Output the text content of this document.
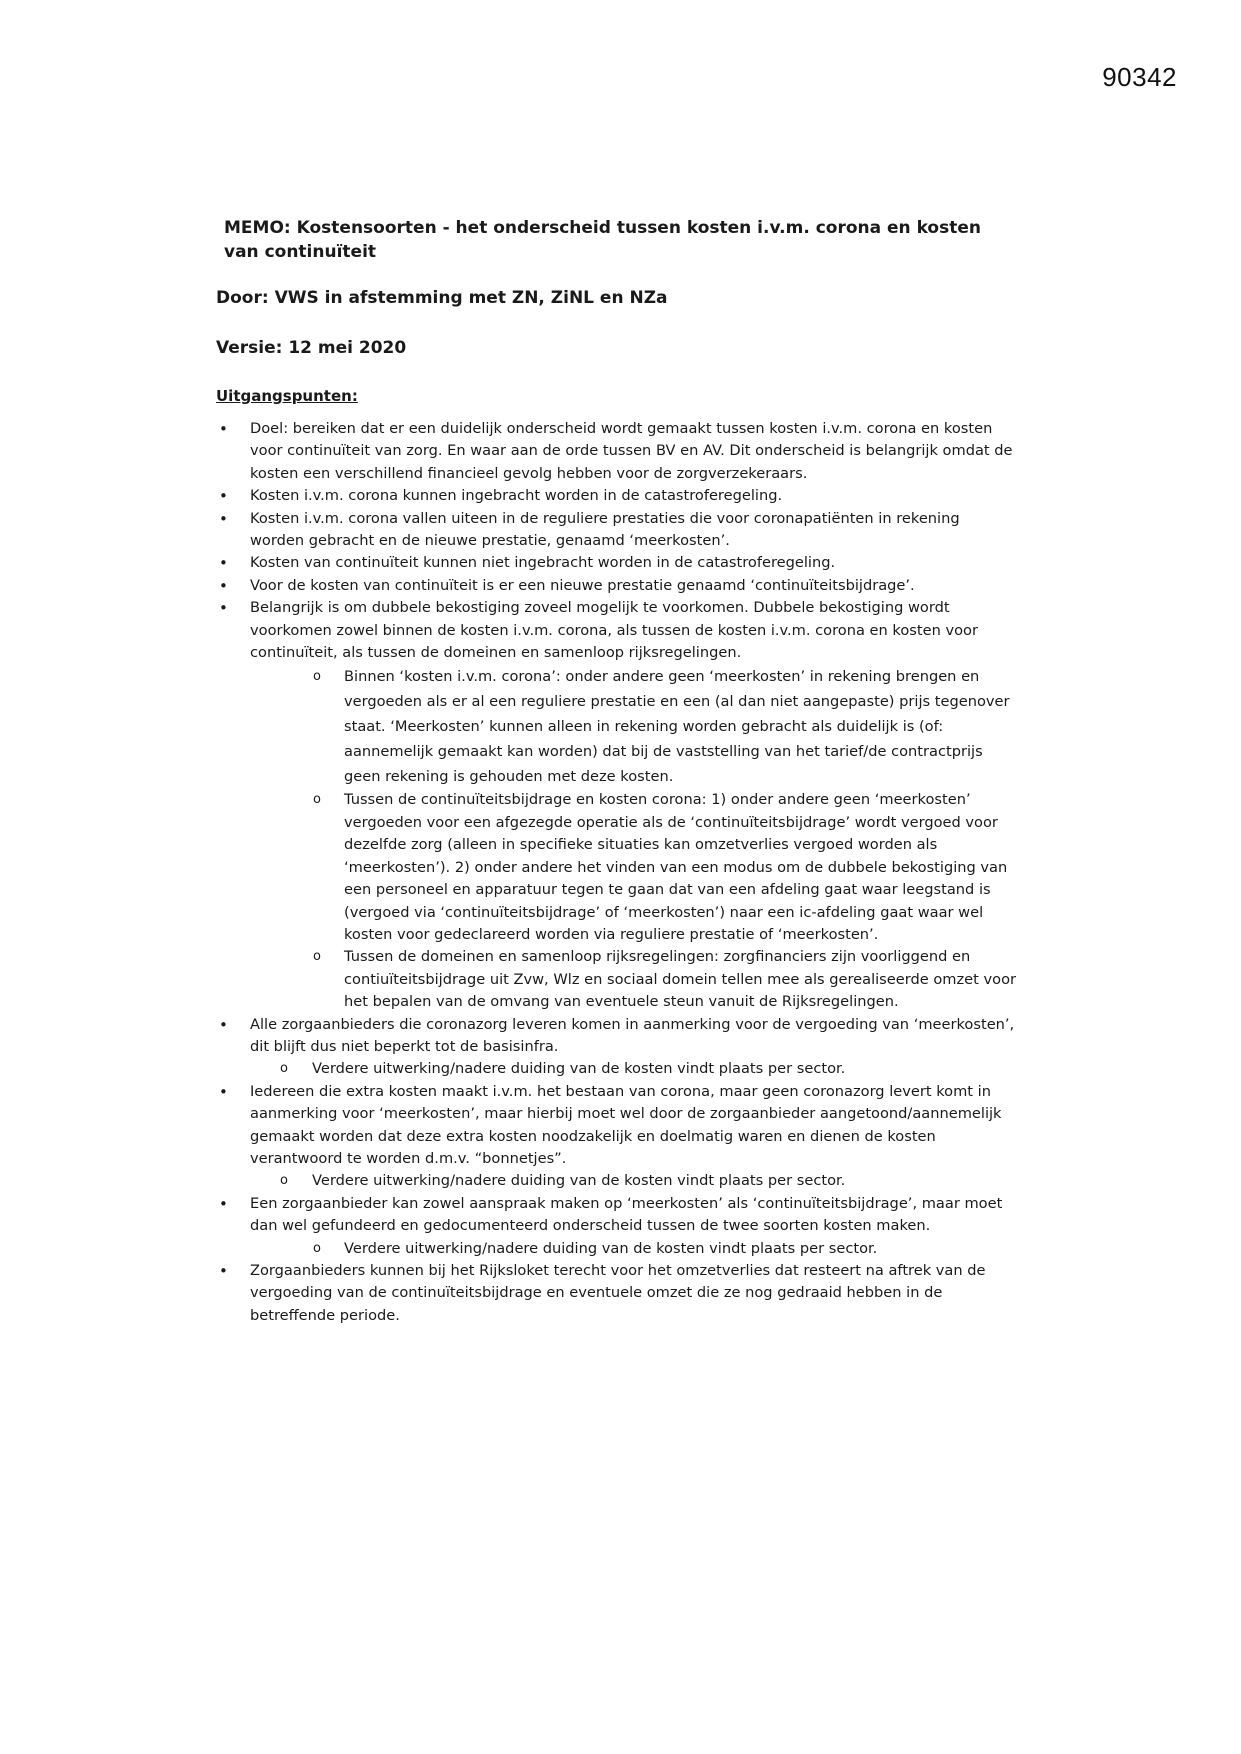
90342
MEMO: Kostensoorten - het onderscheid tussen kosten i.v.m. corona en kosten
van continuïteit
Door: VWS in afstemming met ZN, ZiNL en NZa
Versie: 12 mei 2020
Uitgangspunten:
• Doel: bereiken dat er een duidelijk onderscheid wordt gemaakt tussen kosten i.v.m. corona en kosten voor continuïteit van zorg. En waar aan de orde tussen BV en AV. Dit onderscheid is belangrijk omdat de kosten een verschillend financieel gevolg hebben voor de zorgverzekeraars.
• Kosten i.v.m. corona kunnen ingebracht worden in de catastroferegeling.
• Kosten i.v.m. corona vallen uiteen in de reguliere prestaties die voor coronapatiënten in rekening worden gebracht en de nieuwe prestatie, genaamd ‘meerkosten’.
• Kosten van continuïteit kunnen niet ingebracht worden in de catastroferegeling.
• Voor de kosten van continuïteit is er een nieuwe prestatie genaamd ‘continuïteitsbijdrage’.
• Belangrijk is om dubbele bekostiging zoveel mogelijk te voorkomen. Dubbele bekostiging wordt voorkomen zowel binnen de kosten i.v.m. corona, als tussen de kosten i.v.m. corona en kosten voor continuïteit, als tussen de domeinen en samenloop rijksregelingen.
o Binnen ‘kosten i.v.m. corona’: onder andere geen ‘meerkosten’ in rekening brengen en vergoeden als er al een reguliere prestatie en een (al dan niet aangepaste) prijs tegenover staat. ‘Meerkosten’ kunnen alleen in rekening worden gebracht als duidelijk is (of: aannemelijk gemaakt kan worden) dat bij de vaststelling van het tarief/de contractprijs geen rekening is gehouden met deze kosten.
o Tussen de continuïteitsbijdrage en kosten corona: 1) onder andere geen ‘meerkosten’ vergoeden voor een afgezegde operatie als de ‘continuïteitsbijdrage’ wordt vergoed voor dezelfde zorg (alleen in specifieke situaties kan omzetverlies vergoed worden als ‘meerkosten’). 2) onder andere het vinden van een modus om de dubbele bekostiging van een personeel en apparatuur tegen te gaan dat van een afdeling gaat waar leegstand is (vergoed via ‘continuïteitsbijdrage’ of ‘meerkosten’) naar een ic-afdeling gaat waar wel kosten voor gedeclareerd worden via reguliere prestatie of ‘meerkosten’.
o Tussen de domeinen en samenloop rijksregelingen: zorgfinanciers zijn voorliggend en contiuïteitsbijdrage uit Zvw, Wlz en sociaal domein tellen mee als gerealiseerde omzet voor het bepalen van de omvang van eventuele steun vanuit de Rijksregelingen.
• Alle zorgaanbieders die coronazorg leveren komen in aanmerking voor de vergoeding van ‘meerkosten’, dit blijft dus niet beperkt tot de basisinfra.
o Verdere uitwerking/nadere duiding van de kosten vindt plaats per sector.
• Iedereen die extra kosten maakt i.v.m. het bestaan van corona, maar geen coronazorg levert komt in aanmerking voor ‘meerkosten’, maar hierbij moet wel door de zorgaanbieder aangetoond/aannemelijk gemaakt worden dat deze extra kosten noodzakelijk en doelmatig waren en dienen de kosten verantwoord te worden d.m.v. “bonnetjes”.
o Verdere uitwerking/nadere duiding van de kosten vindt plaats per sector.
• Een zorgaanbieder kan zowel aanspraak maken op ‘meerkosten’ als ‘continuïteitsbijdrage’, maar moet dan wel gefundeerd en gedocumenteerd onderscheid tussen de twee soorten kosten maken.
o Verdere uitwerking/nadere duiding van de kosten vindt plaats per sector.
• Zorgaanbieders kunnen bij het Rijksloket terecht voor het omzetverlies dat resteert na aftrek van de vergoeding van de continuïteitsbijdrage en eventuele omzet die ze nog gedraaid hebben in de betreffende periode.
